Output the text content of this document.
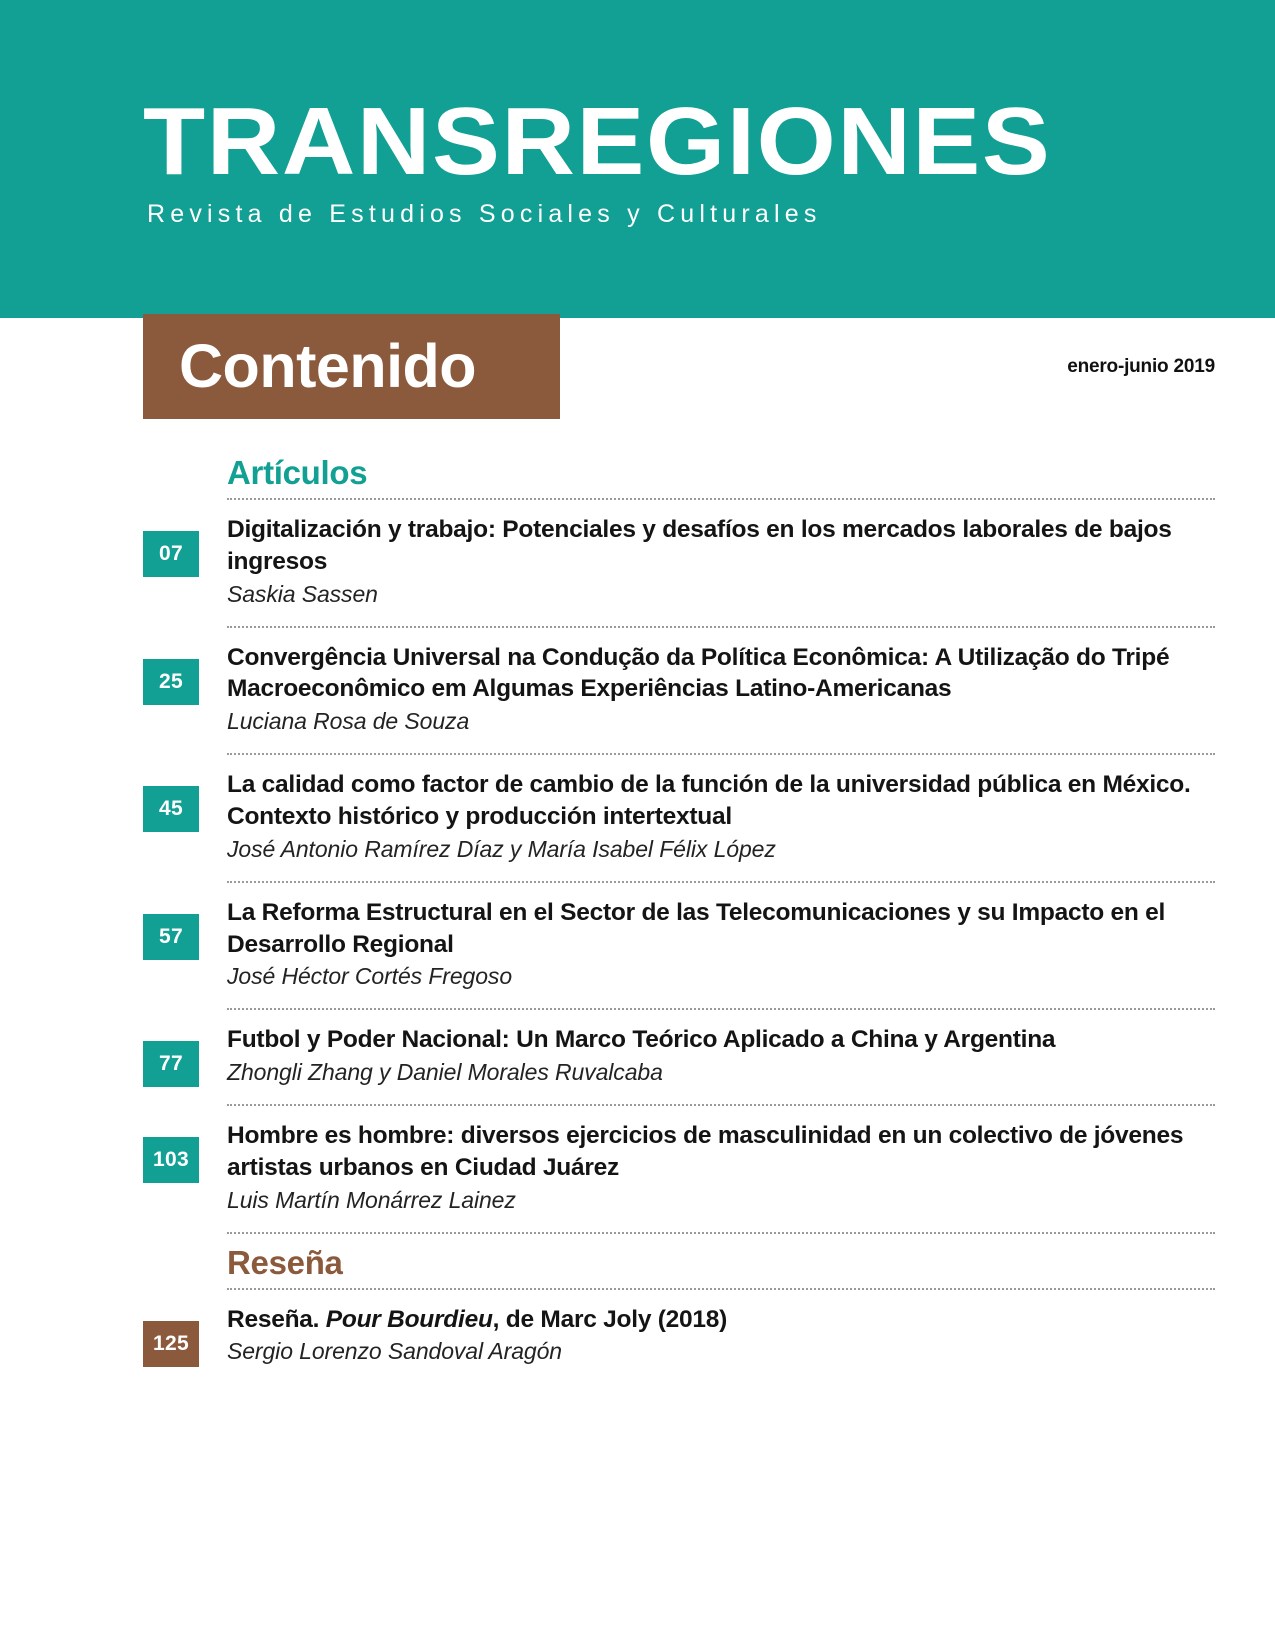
TRANSREGIONES
Revista de Estudios Sociales y Culturales
Contenido	enero-junio 2019
Artículos
07

Digitalización y trabajo: Potenciales y desafíos en los mercados laborales de bajos ingresos

Saskia Sassen

25

Convergência Universal na Condução da Política Econômica: A Utilização do Tripé Macroeconômico em Algumas Experiências Latino-Americanas

Luciana Rosa de Souza

45

La calidad como factor de cambio de la función de la universidad pública en México. Contexto histórico y producción intertextual

José Antonio Ramírez Díaz y María Isabel Félix López

57

La Reforma Estructural en el Sector de las Telecomunicaciones y su Impacto en el Desarrollo Regional

José Héctor Cortés Fregoso

77

Futbol y Poder Nacional: Un Marco Teórico Aplicado a China y Argentina

Zhongli Zhang y Daniel Morales Ruvalcaba

103

Hombre es hombre: diversos ejercicios de masculinidad en un colectivo de jóvenes artistas urbanos en Ciudad Juárez

Luis Martín Monárrez Lainez

Reseña
125

Reseña. Pour Bourdieu, de Marc Joly (2018)

Sergio Lorenzo Sandoval Aragón
